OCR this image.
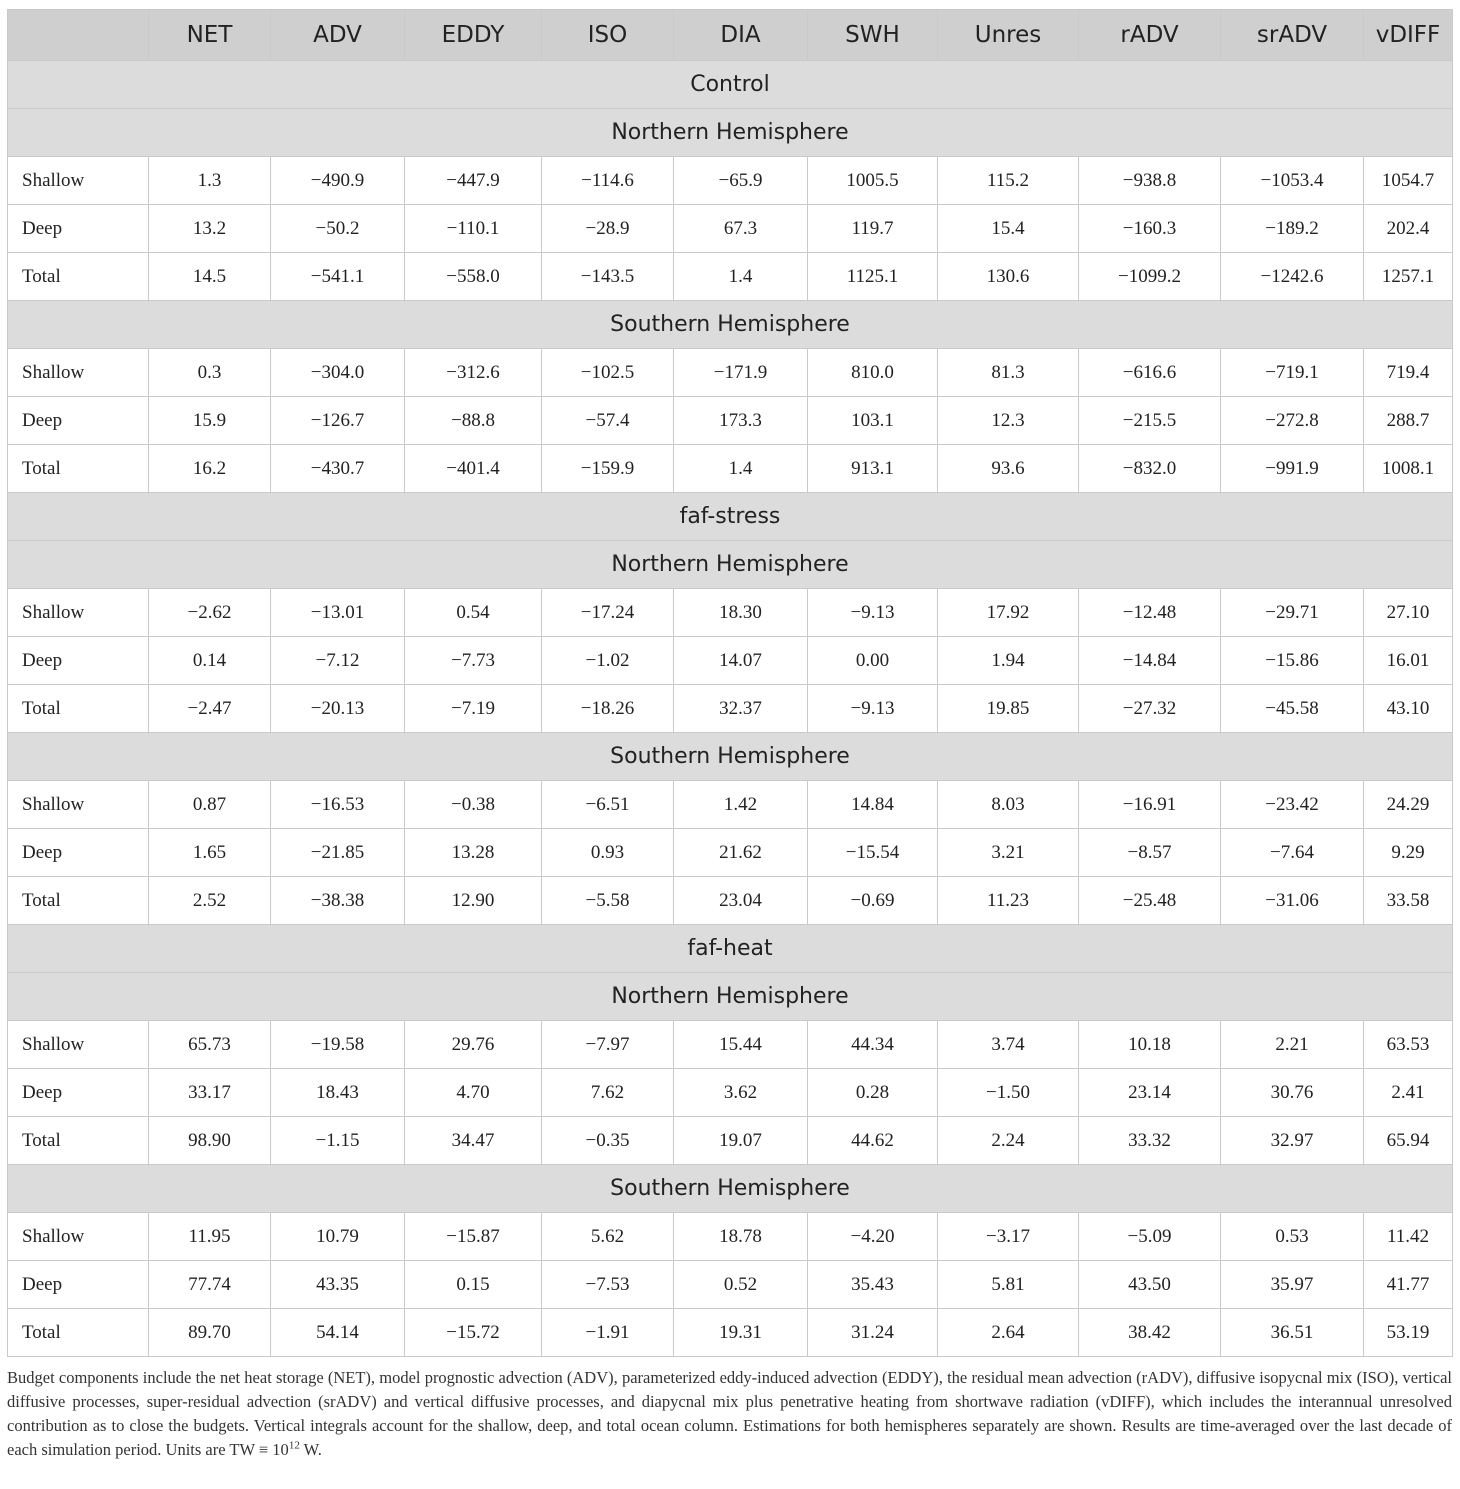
	NET	ADV	EDDY	ISO	DIA	SWH	Unres	rADV	srADV	vDIFF
Control										
Northern Hemisphere										
Shallow	1.3	−490.9	−447.9	−114.6	−65.9	1005.5	115.2	−938.8	−1053.4	1054.7
Deep	13.2	−50.2	−110.1	−28.9	67.3	119.7	15.4	−160.3	−189.2	202.4
Total	14.5	−541.1	−558.0	−143.5	1.4	1125.1	130.6	−1099.2	−1242.6	1257.1
Southern Hemisphere										
Shallow	0.3	−304.0	−312.6	−102.5	−171.9	810.0	81.3	−616.6	−719.1	719.4
Deep	15.9	−126.7	−88.8	−57.4	173.3	103.1	12.3	−215.5	−272.8	288.7
Total	16.2	−430.7	−401.4	−159.9	1.4	913.1	93.6	−832.0	−991.9	1008.1
faf-stress										
Northern Hemisphere										
Shallow	−2.62	−13.01	0.54	−17.24	18.30	−9.13	17.92	−12.48	−29.71	27.10
Deep	0.14	−7.12	−7.73	−1.02	14.07	0.00	1.94	−14.84	−15.86	16.01
Total	−2.47	−20.13	−7.19	−18.26	32.37	−9.13	19.85	−27.32	−45.58	43.10
Southern Hemisphere										
Shallow	0.87	−16.53	−0.38	−6.51	1.42	14.84	8.03	−16.91	−23.42	24.29
Deep	1.65	−21.85	13.28	0.93	21.62	−15.54	3.21	−8.57	−7.64	9.29
Total	2.52	−38.38	12.90	−5.58	23.04	−0.69	11.23	−25.48	−31.06	33.58
faf-heat										
Northern Hemisphere										
Shallow	65.73	−19.58	29.76	−7.97	15.44	44.34	3.74	10.18	2.21	63.53
Deep	33.17	18.43	4.70	7.62	3.62	0.28	−1.50	23.14	30.76	2.41
Total	98.90	−1.15	34.47	−0.35	19.07	44.62	2.24	33.32	32.97	65.94
Southern Hemisphere										
Shallow	11.95	10.79	−15.87	5.62	18.78	−4.20	−3.17	−5.09	0.53	11.42
Deep	77.74	43.35	0.15	−7.53	0.52	35.43	5.81	43.50	35.97	41.77
Total	89.70	54.14	−15.72	−1.91	19.31	31.24	2.64	38.42	36.51	53.19
Budget components include the net heat storage (NET), model prognostic advection (ADV), parameterized eddy-induced advection (EDDY), the residual mean advection (rADV), diffusive isopycnal mix (ISO), vertical diffusive processes, super-residual advection (srADV) and vertical diffusive processes, and diapycnal mix plus penetrative heating from shortwave radiation (vDIFF), which includes the interannual unresolved contribution as to close the budgets. Vertical integrals account for the shallow, deep, and total ocean column. Estimations for both hemispheres separately are shown. Results are time-averaged over the last decade of each simulation period. Units are TW ≡ $10^{12}$ W.
